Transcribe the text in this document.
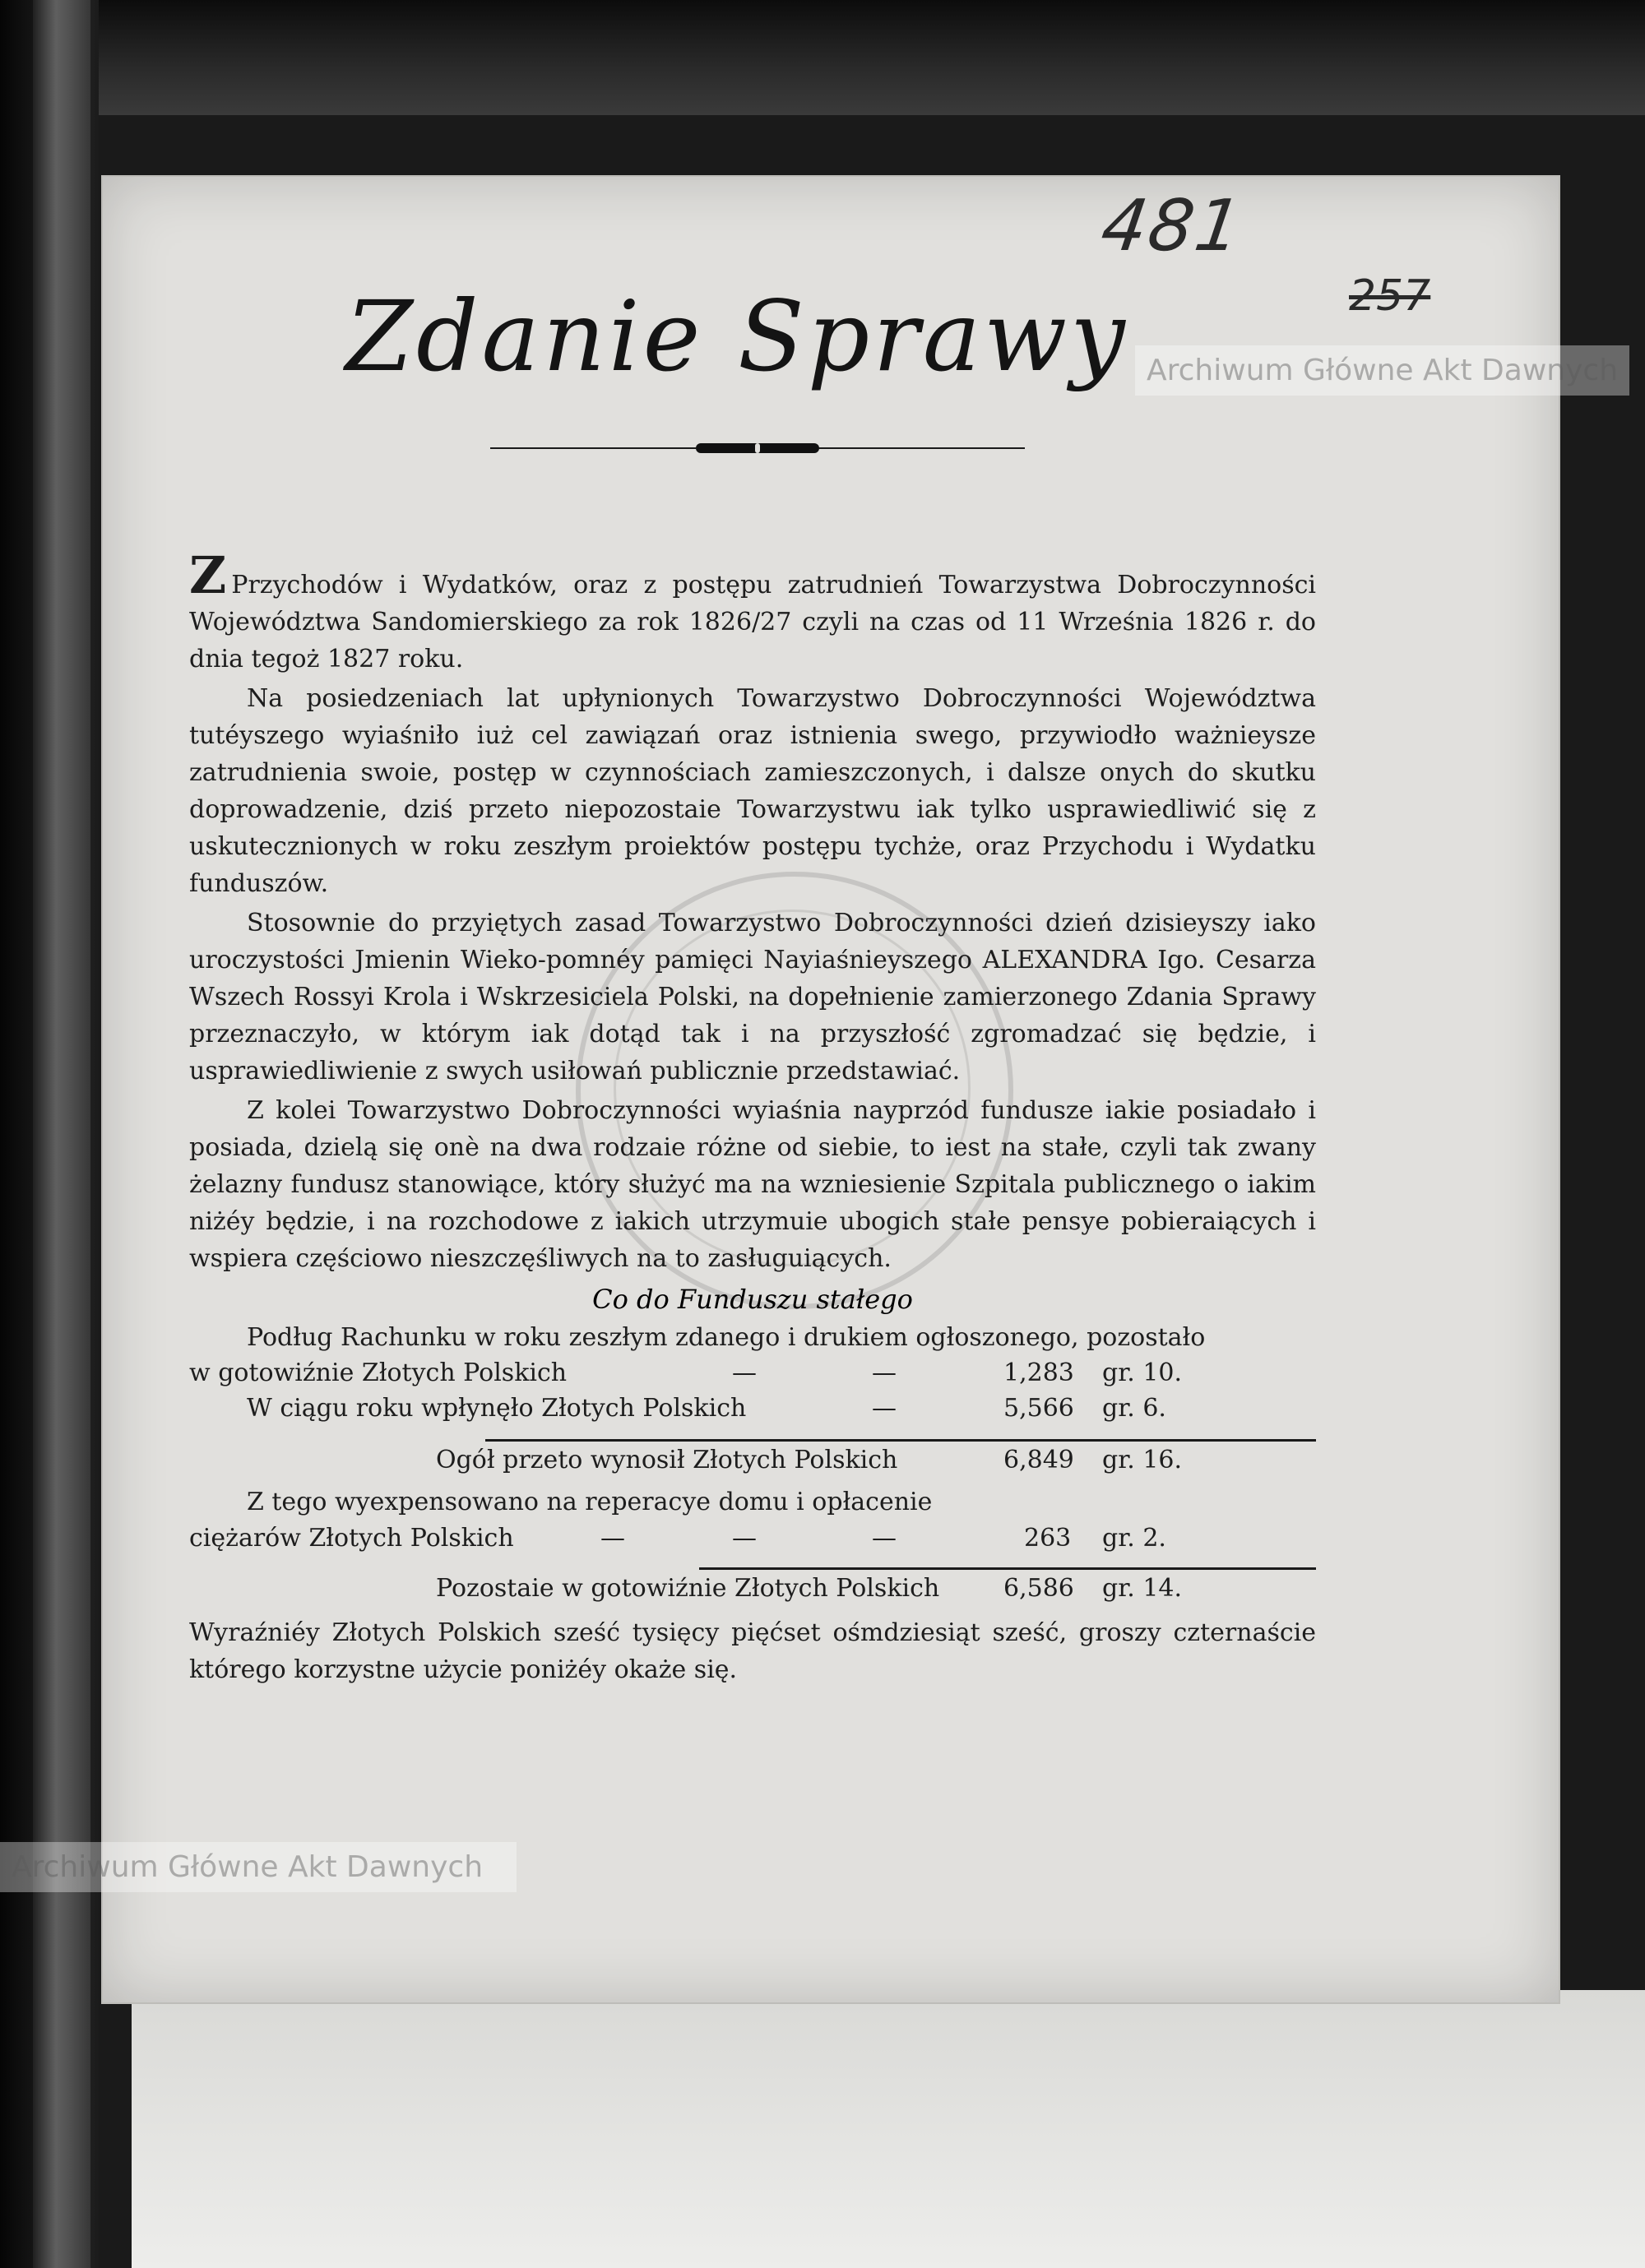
481
257
Archiwum Główne Akt Dawnych
Archiwum Główne Akt Dawnych
Zdanie Sprawy

Z Przychodów i Wydatków, oraz z postępu zatrudnień Towarzystwa Dobroczynności Województwa Sandomierskiego za rok 1826/27 czyli na czas od 11 Września 1826 r. do dnia tegoż 1827 roku.

Na posiedzeniach lat upłynionych Towarzystwo Dobroczynności Województwa tutéyszego wyiaśniło iuż cel zawiązań oraz istnienia swego, przywiodło ważnieysze zatrudnienia swoie, postęp w czynnościach zamieszczonych, i dalsze onych do skutku doprowadzenie, dziś przeto niepozostaie Towarzystwu iak tylko usprawiedliwić się z uskutecznionych w roku zeszłym proiektów postępu tychże, oraz Przychodu i Wydatku funduszów.

Stosownie do przyiętych zasad Towarzystwo Dobroczynności dzień dzisieyszy iako uroczystości Jmienin Wieko-pomnéy pamięci Nayiaśnieyszego ALEXANDRA Igo. Cesarza Wszech Rossyi Krola i Wskrzesiciela Polski, na dopełnienie zamierzonego Zdania Sprawy przeznaczyło, w którym iak dotąd tak i na przyszłość zgromadzać się będzie, i usprawiedliwienie z swych usiłowań publicznie przedstawiać.

Z kolei Towarzystwo Dobroczynności wyiaśnia nayprzód fundusze iakie posiadało i posiada, dzielą się onè na dwa rodzaie różne od siebie, to iest na stałe, czyli tak zwany żelazny fundusz stanowiące, który służyć ma na wzniesienie Szpitala publicznego o iakim niżéy będzie, i na rozchodowe z iakich utrzymuie ubogich stałe pensye pobieraiących i wspiera częściowo nieszczęśliwych na to zasługuiących.

Co do Funduszu stałego
Podług Rachunku w roku zeszłym zdanego i drukiem ogłoszonego, pozostało
w gotowiźnie Złotych Polskich	—	—	1,283 gr. 10.
W ciągu roku wpłynęło Złotych Polskich	—	5,566 gr. 6.
Ogół przeto wynosił Złotych Polskich	6,849 gr. 16.
Z tego wyexpensowano na reperacye domu i opłacenie
ciężarów Złotych Polskich	—	—	—	263 gr. 2.
Pozostaie w gotowiźnie Złotych Polskich	6,586 gr. 14.

Wyraźniéy Złotych Polskich sześć tysięcy pięćset ośmdziesiąt sześć, groszy czternaście którego korzystne użycie poniżéy okaże się.
